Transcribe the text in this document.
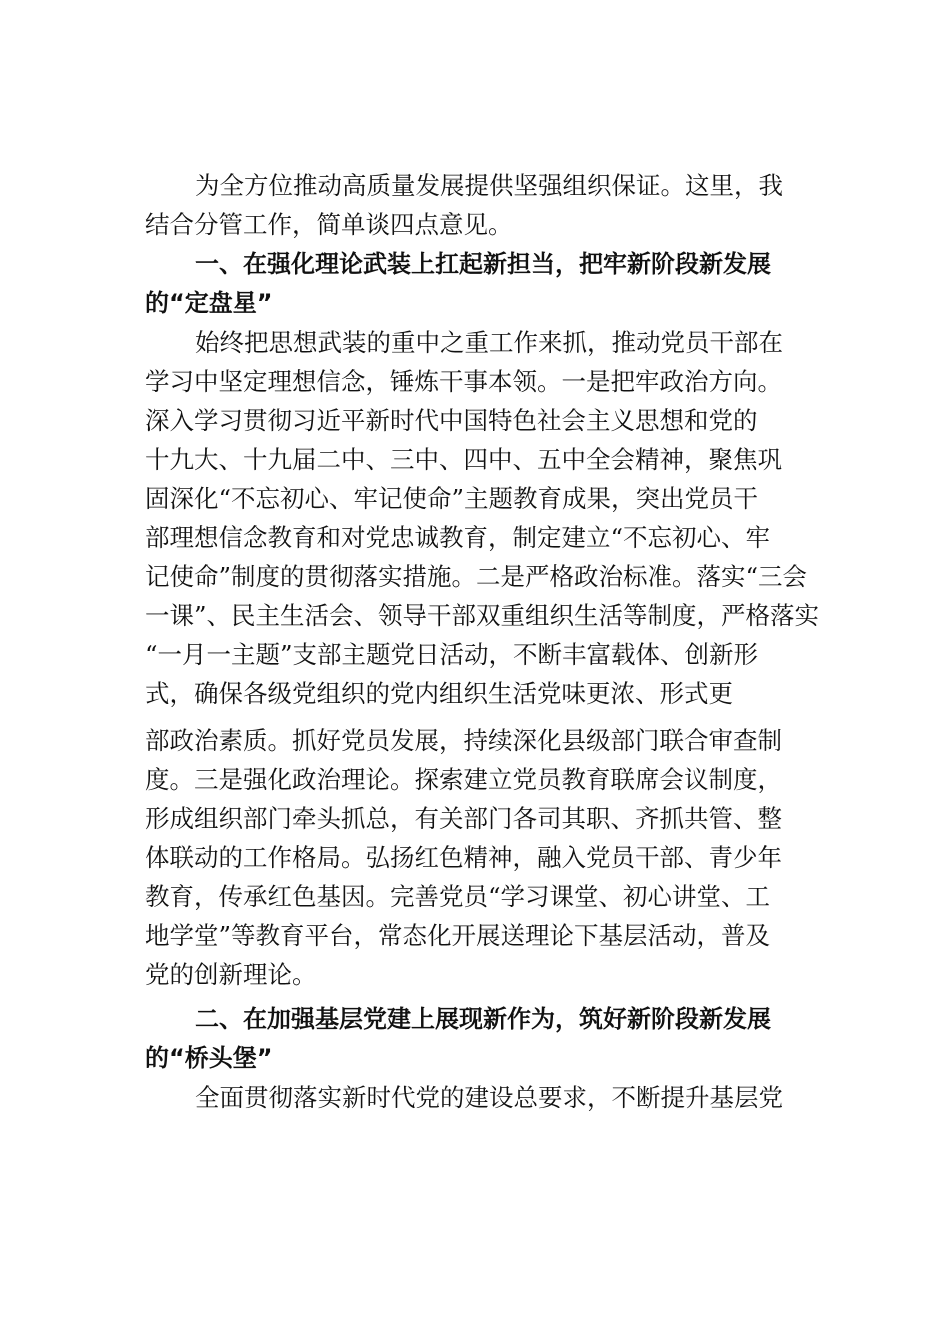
为全方位推动高质量发展提供坚强组织保证。这里，我
结合分管工作，简单谈四点意见。
一、在强化理论武装上扛起新担当，把牢新阶段新发展
的“定盘星”
始终把思想武装的重中之重工作来抓，推动党员干部在
学习中坚定理想信念，锤炼干事本领。一是把牢政治方向。
深入学习贯彻习近平新时代中国特色社会主义思想和党的
十九大、十九届二中、三中、四中、五中全会精神，聚焦巩
固深化“不忘初心、牢记使命”主题教育成果，突出党员干
部理想信念教育和对党忠诚教育，制定建立“不忘初心、牢
记使命”制度的贯彻落实措施。二是严格政治标准。落实“三会
一课”、民主生活会、领导干部双重组织生活等制度，严格落实
“一月一主题”支部主题党日活动，不断丰富载体、创新形
式，确保各级党组织的党内组织生活党味更浓、形式更
部政治素质。抓好党员发展，持续深化县级部门联合审查制
度。三是强化政治理论。探索建立党员教育联席会议制度，
形成组织部门牵头抓总，有关部门各司其职、齐抓共管、整
体联动的工作格局。弘扬红色精神，融入党员干部、青少年
教育，传承红色基因。完善党员“学习课堂、初心讲堂、工
地学堂”等教育平台，常态化开展送理论下基层活动，普及
党的创新理论。
二、在加强基层党建上展现新作为，筑好新阶段新发展
的“桥头堡”
全面贯彻落实新时代党的建设总要求，不断提升基层党
